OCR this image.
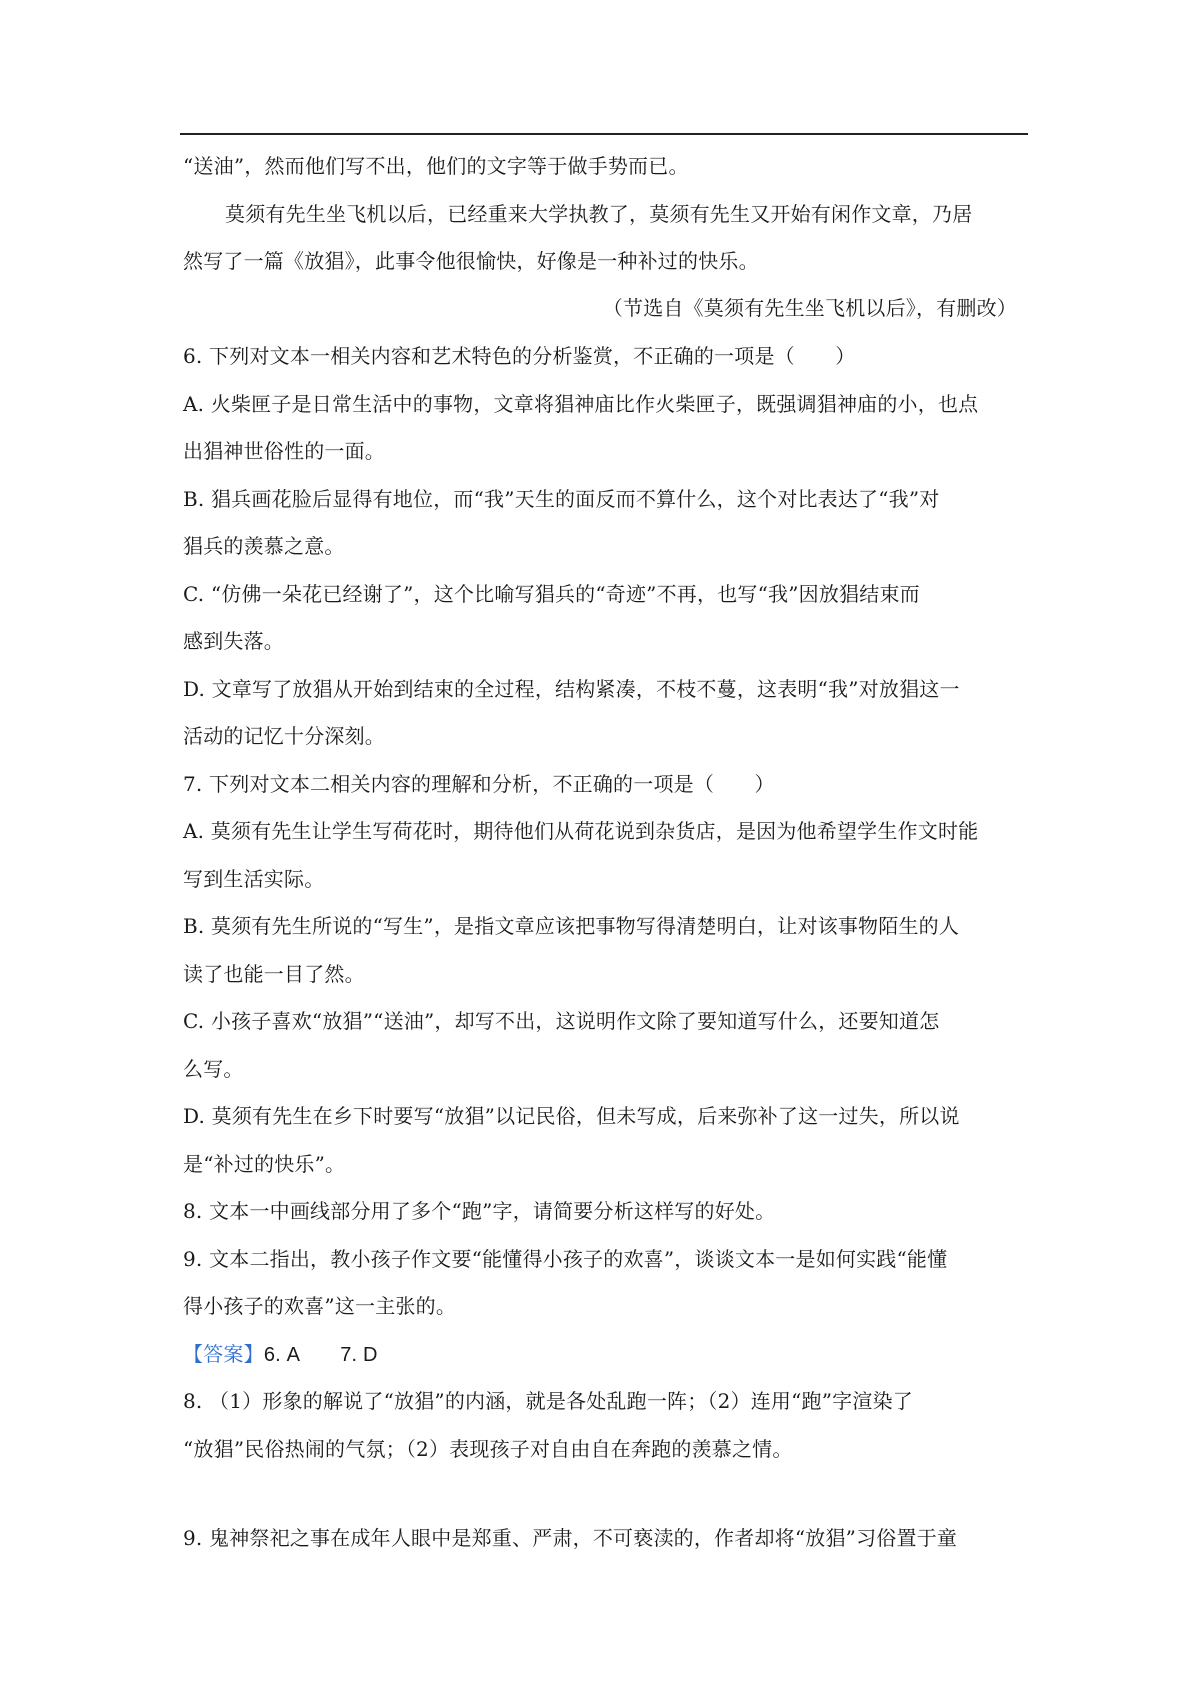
“送油”，然而他们写不出，他们的文字等于做手势而已。
莫须有先生坐飞机以后，已经重来大学执教了，莫须有先生又开始有闲作文章，乃居
然写了一篇《放猖》，此事令他很愉快，好像是一种补过的快乐。
（节选自《莫须有先生坐飞机以后》，有删改）
6. 下列对文本一相关内容和艺术特色的分析鉴赏，不正确的一项是（　　）
A. 火柴匣子是日常生活中的事物，文章将猖神庙比作火柴匣子，既强调猖神庙的小，也点
出猖神世俗性的一面。
B. 猖兵画花脸后显得有地位，而“我”天生的面反而不算什么，这个对比表达了“我”对
猖兵的羡慕之意。
C. “仿佛一朵花已经谢了”，这个比喻写猖兵的“奇迹”不再，也写“我”因放猖结束而
感到失落。
D. 文章写了放猖从开始到结束的全过程，结构紧凑，不枝不蔓，这表明“我”对放猖这一
活动的记忆十分深刻。
7. 下列对文本二相关内容的理解和分析，不正确的一项是（　　）
A. 莫须有先生让学生写荷花时，期待他们从荷花说到杂货店，是因为他希望学生作文时能
写到生活实际。
B. 莫须有先生所说的“写生”，是指文章应该把事物写得清楚明白，让对该事物陌生的人
读了也能一目了然。
C. 小孩子喜欢“放猖”“送油”，却写不出，这说明作文除了要知道写什么，还要知道怎
么写。
D. 莫须有先生在乡下时要写“放猖”以记民俗，但未写成，后来弥补了这一过失，所以说
是“补过的快乐”。
8. 文本一中画线部分用了多个“跑”字，请简要分析这样写的好处。
9. 文本二指出，教小孩子作文要“能懂得小孩子的欢喜”，谈谈文本一是如何实践“能懂
得小孩子的欢喜”这一主张的。
【答案】6. A 7. D
8. （1）形象的解说了“放猖”的内涵，就是各处乱跑一阵；（2）连用“跑”字渲染了
“放猖”民俗热闹的气氛；（2）表现孩子对自由自在奔跑的羡慕之情。
9. 鬼神祭祀之事在成年人眼中是郑重、严肃，不可亵渎的，作者却将“放猖”习俗置于童
